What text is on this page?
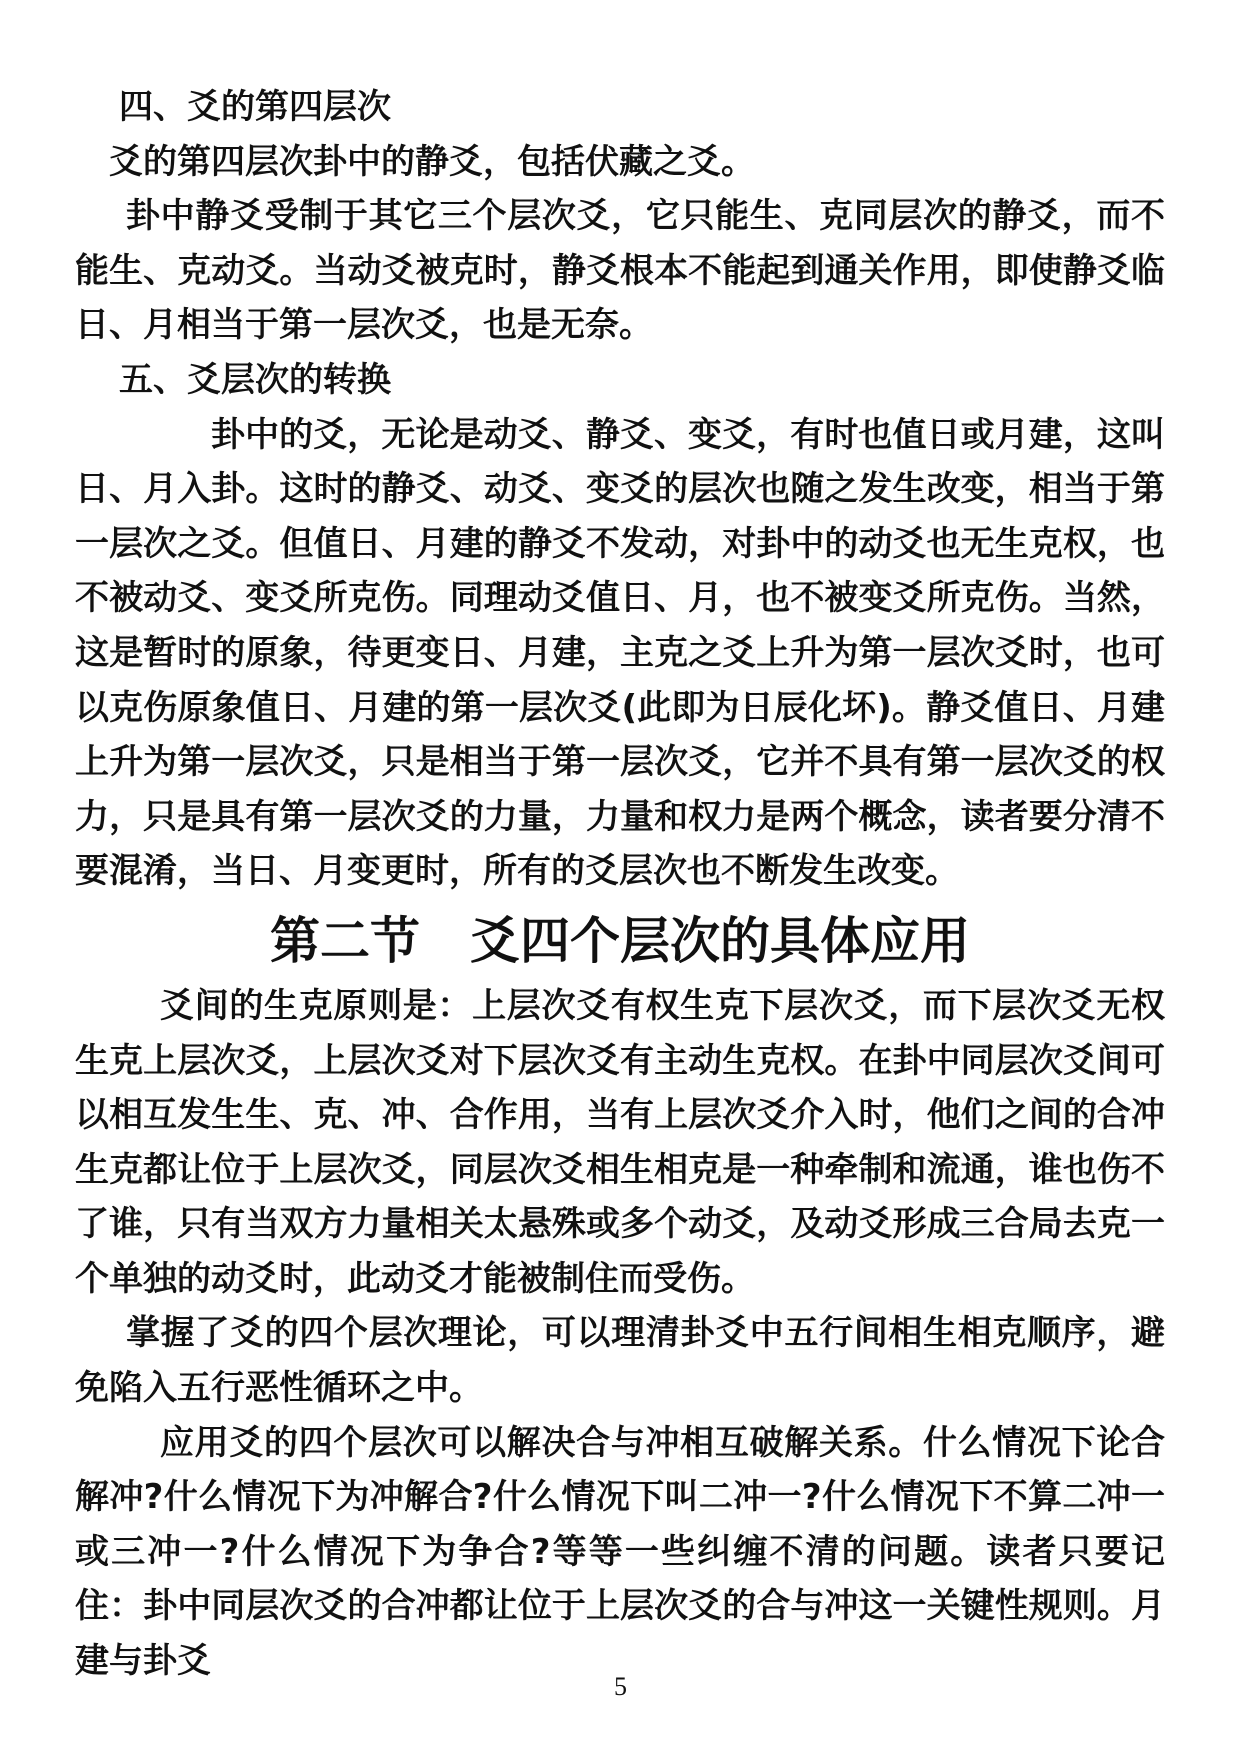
四、爻的第四层次

爻的第四层次卦中的静爻，包括伏藏之爻。

卦中静爻受制于其它三个层次爻，它只能生、克同层次的静爻，而不能生、克动爻。当动爻被克时，静爻根本不能起到通关作用，即使静爻临日、月相当于第一层次爻，也是无奈。

五、爻层次的转换

卦中的爻，无论是动爻、静爻、变爻，有时也值日或月建，这叫日、月入卦。这时的静爻、动爻、变爻的层次也随之发生改变，相当于第一层次之爻。但值日、月建的静爻不发动，对卦中的动爻也无生克权，也不被动爻、变爻所克伤。同理动爻值日、月，也不被变爻所克伤。当然，这是暂时的原象，待更变日、月建，主克之爻上升为第一层次爻时，也可以克伤原象值日、月建的第一层次爻(此即为日辰化坏)。静爻值日、月建上升为第一层次爻，只是相当于第一层次爻，它并不具有第一层次爻的权力，只是具有第一层次爻的力量，力量和权力是两个概念，读者要分清不要混淆，当日、月变更时，所有的爻层次也不断发生改变。

第二节　爻四个层次的具体应用

爻间的生克原则是：上层次爻有权生克下层次爻，而下层次爻无权生克上层次爻，上层次爻对下层次爻有主动生克权。在卦中同层次爻间可以相互发生生、克、冲、合作用，当有上层次爻介入时，他们之间的合冲生克都让位于上层次爻，同层次爻相生相克是一种牵制和流通，谁也伤不了谁，只有当双方力量相关太悬殊或多个动爻，及动爻形成三合局去克一个单独的动爻时，此动爻才能被制住而受伤。

掌握了爻的四个层次理论，可以理清卦爻中五行间相生相克顺序，避免陷入五行恶性循环之中。

应用爻的四个层次可以解决合与冲相互破解关系。什么情况下论合解冲?什么情况下为冲解合?什么情况下叫二冲一?什么情况下不算二冲一或三冲一?什么情况下为争合?等等一些纠缠不清的问题。读者只要记住：卦中同层次爻的合冲都让位于上层次爻的合与冲这一关键性规则。月建与卦爻

5
